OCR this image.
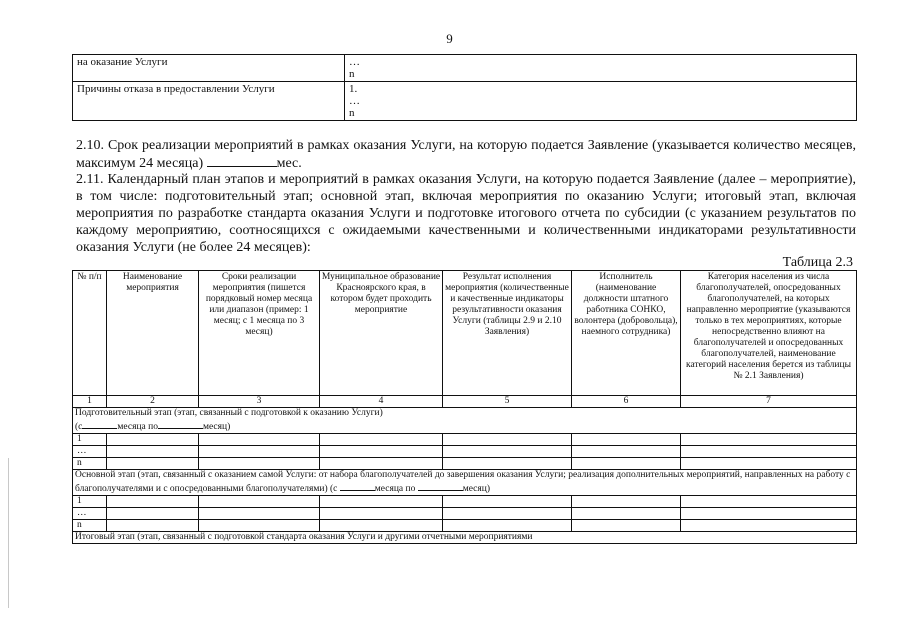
9
на оказание Услуги	…
n

Причины отказа в предоставлении Услуги	1.
…
n
2.10. Срок реализации мероприятий в рамках оказания Услуги, на которую подается Заявление (указывается количество месяцев, максимум 24 месяца)	мес.
2.11. Календарный план этапов и мероприятий в рамках оказания Услуги, на которую подается Заявление (далее – мероприятие), в том числе: подготовительный этап; основной этап, включая мероприятия по оказанию Услуги; итоговый этап, включая мероприятия по разработке стандарта оказания Услуги и подготовке итогового отчета по субсидии (с указанием результатов по каждому мероприятию, соотносящихся с ожидаемыми качественными и количественными индикаторами результативности оказания Услуги (не более 24 месяцев):
Таблица 2.3
№ п/п	Наименование мероприятия	Сроки реализации мероприятия (пишется порядковый номер месяца или диапазон (пример: 1 месяц; с 1 месяца по 3 месяц)	Муниципальное образование Красноярского края, в котором будет проходить мероприятие	Результат исполнения мероприятия (количественные и качественные индикаторы результативности оказания Услуги (таблицы 2.9 и 2.10 Заявления)	Исполнитель (наименование должности штатного работника СОНКО, волонтера (добровольца), наемного сотрудника)	Категория населения из числа благополучателей, опосредованных благополучателей, на которых направленно мероприятие (указываются только в тех мероприятиях, которые непосредственно влияют на благополучателей и опосредованных благополучателей, наименование категорий населения берется из таблицы № 2.1 Заявления)
1	2	3	4	5	6	7

Подготовительный этап (этап, связанный с подготовкой к оказанию Услуги)
(с месяца по месяц)						

1						
…						
n						
Основной этап (этап, связанный с оказанием самой Услуги: от набора благополучателей до завершения оказания Услуги; реализация дополнительных мероприятий, направленных на работу с благополучателями и с опосредованными благополучателями) (с месяца по месяц)						
1						
…						
n						
Итоговый этап (этап, связанный с подготовкой стандарта оказания Услуги и другими отчетными мероприятиями						
